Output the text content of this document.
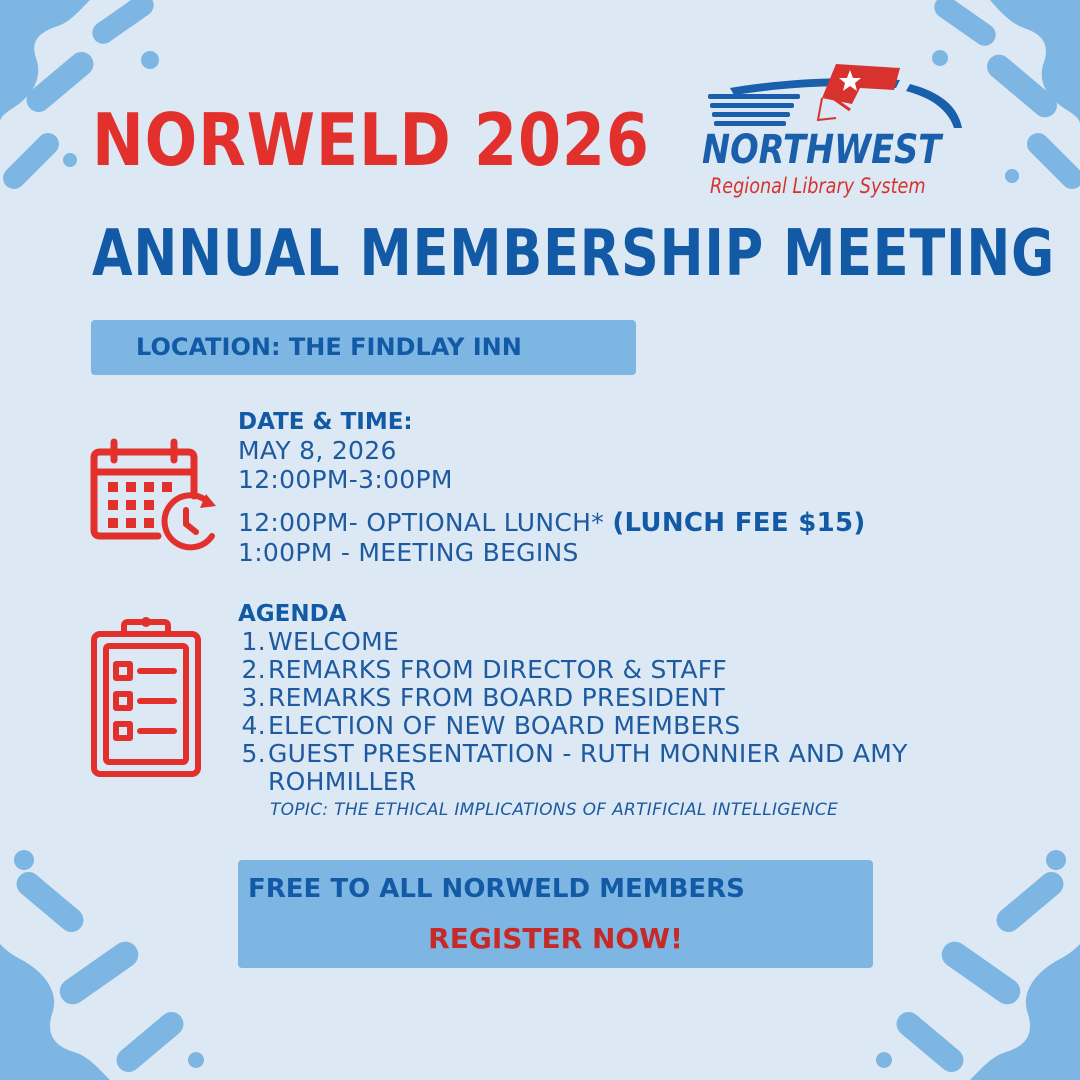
NORWELD 2026
ANNUAL MEMBERSHIP MEETING
NORTHWEST
Regional Library System
LOCATION: THE FINDLAY INN
DATE & TIME:
MAY 8, 2026
12:00PM-3:00PM
12:00PM- OPTIONAL LUNCH* (LUNCH FEE $15)
1:00PM - MEETING BEGINS
AGENDA
1. WELCOME
2. REMARKS FROM DIRECTOR & STAFF
3. REMARKS FROM BOARD PRESIDENT
4. ELECTION OF NEW BOARD MEMBERS
5. GUEST PRESENTATION - RUTH MONNIER AND AMY
ROHMILLER
TOPIC: THE ETHICAL IMPLICATIONS OF ARTIFICIAL INTELLIGENCE
FREE TO ALL NORWELD MEMBERS
REGISTER NOW!
